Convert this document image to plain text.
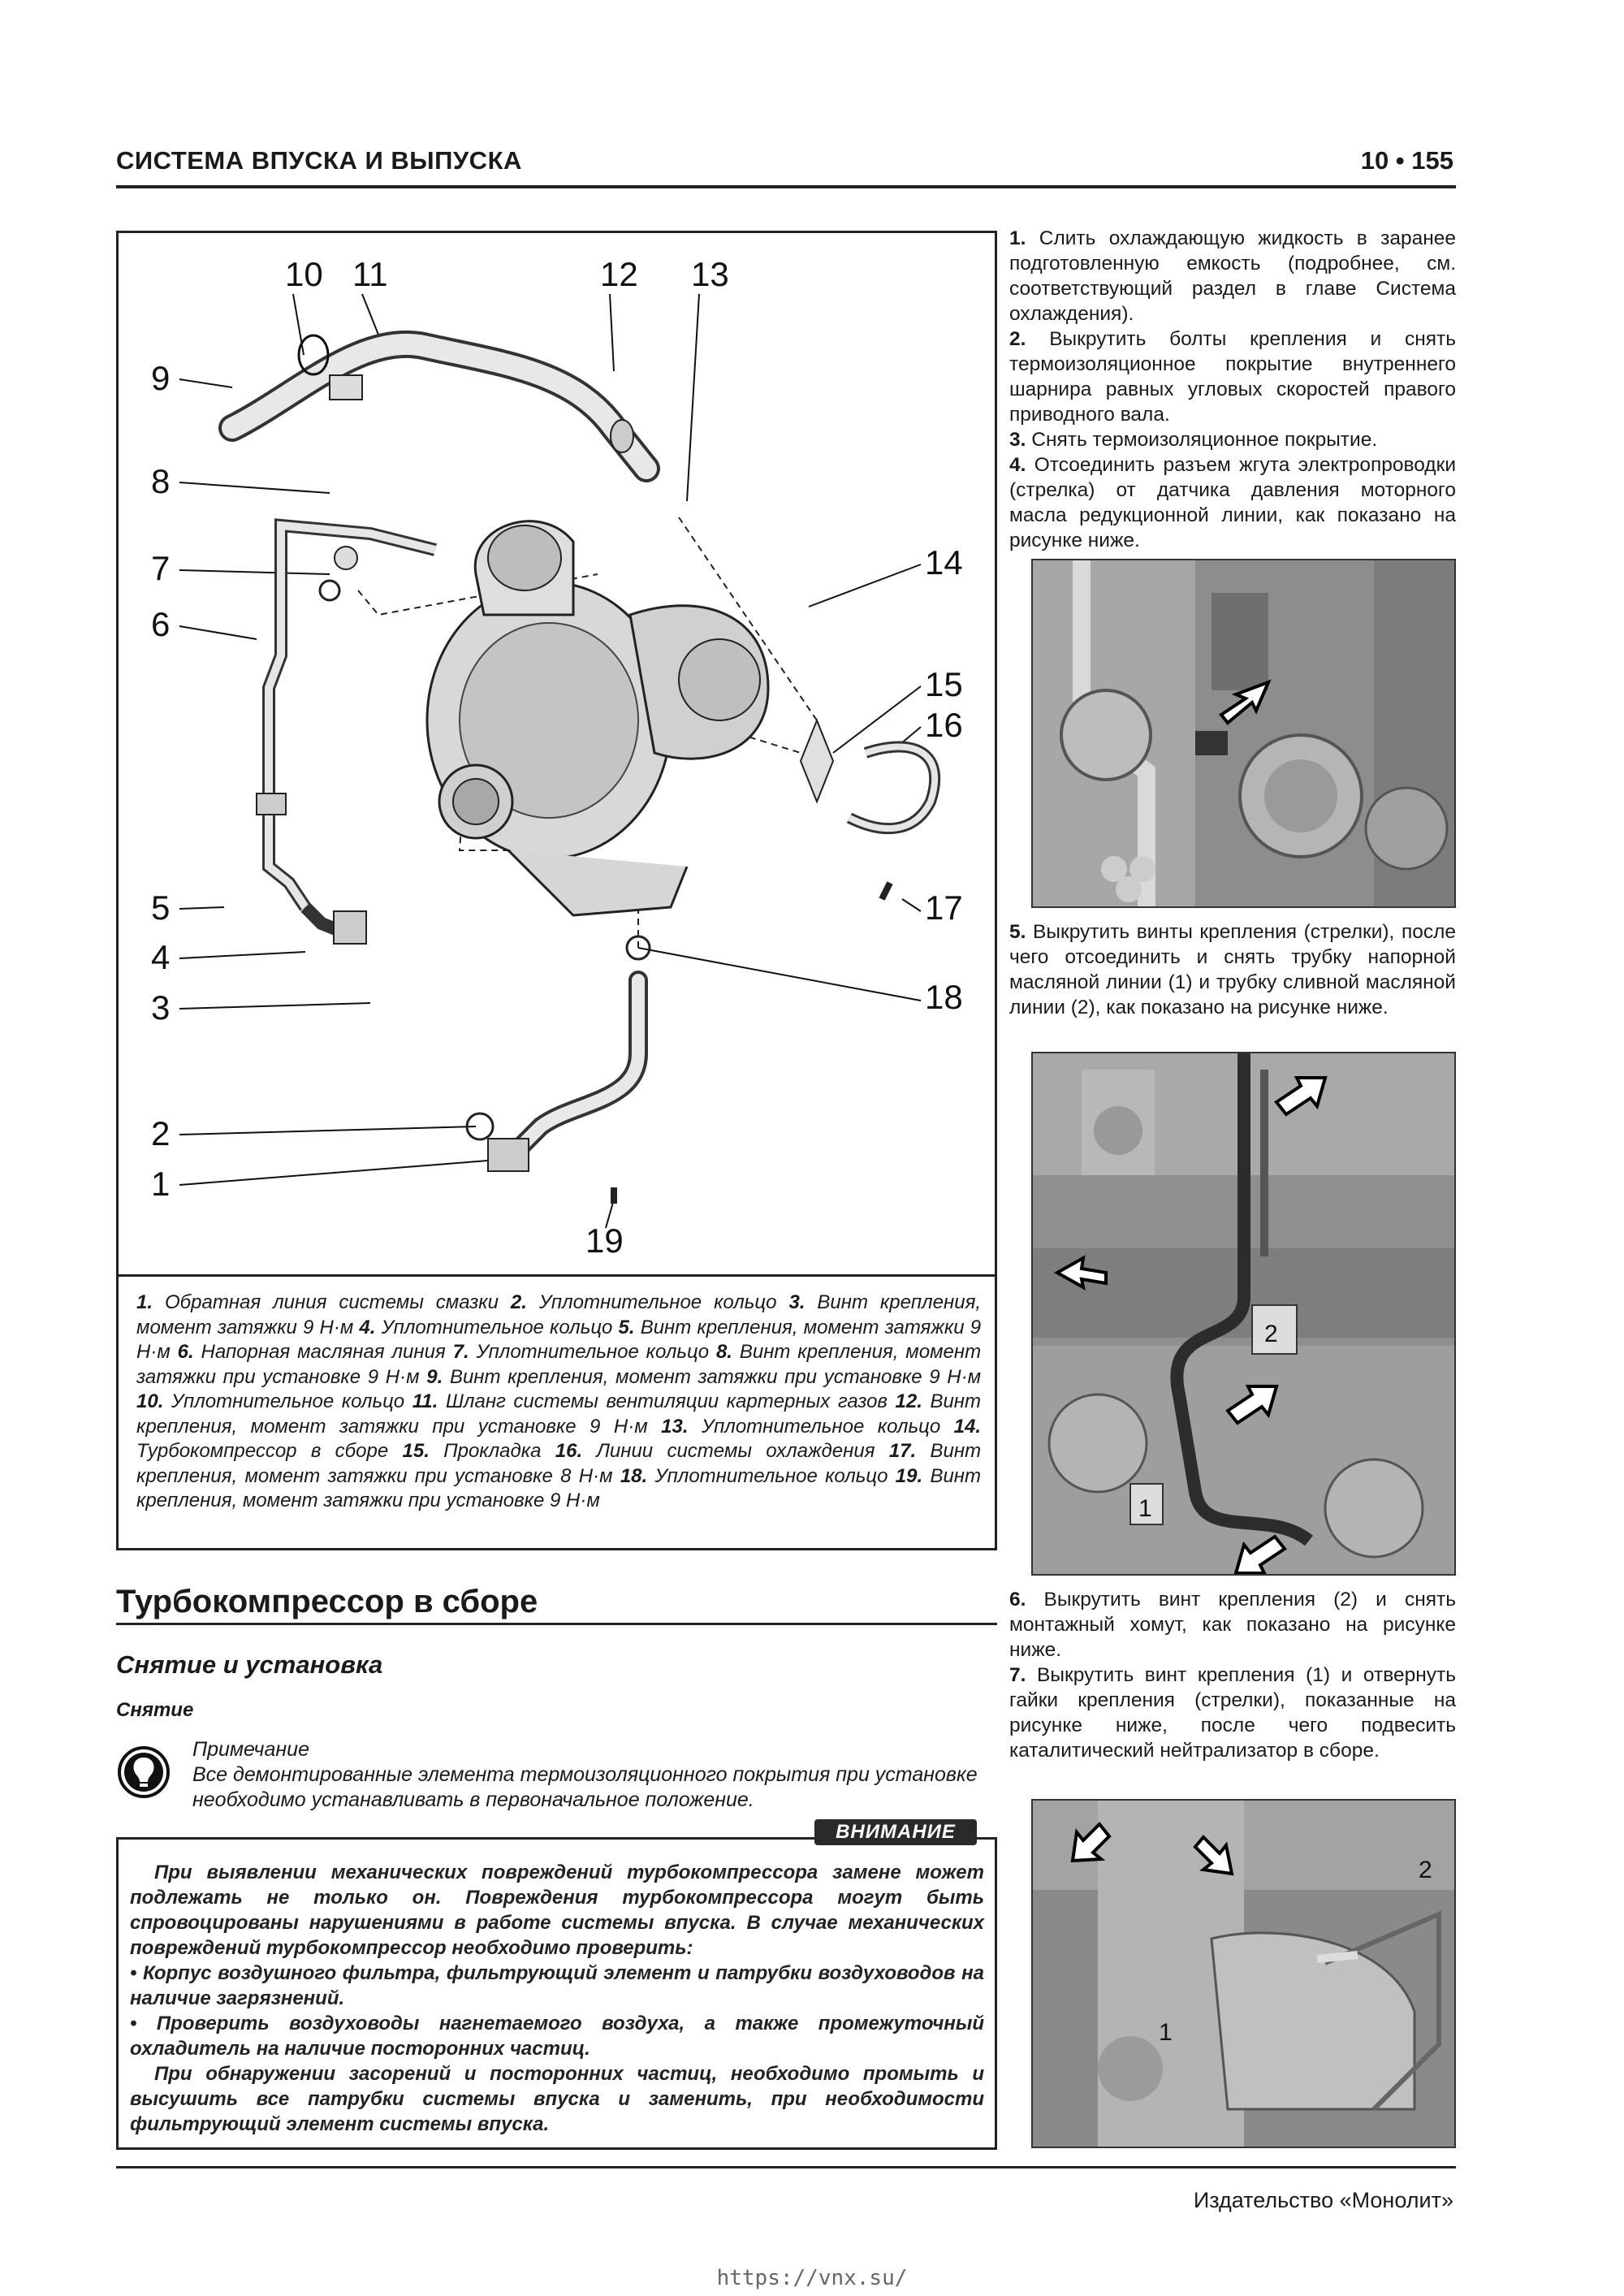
СИСТЕМА ВПУСКА И ВЫПУСКА	10 • 155
10 11	12 13
9
8
7
6
14
15
16
5	17
4
3	18
2
1
19
1. Обратная линия системы смазки 2. Уплотнительное кольцо 3. Винт крепления, момент затяжки 9 Н·м 4. Уплотнительное кольцо 5. Винт крепления, момент затяжки 9 Н·м 6. Напорная масляная линия 7. Уплотнительное кольцо 8. Винт крепления, момент затяжки при установке 9 Н·м 9. Винт крепления, момент затяжки при установке 9 Н·м 10. Уплотнительное кольцо 11. Шланг системы вентиляции картерных газов 12. Винт крепления, момент затяжки при установке 9 Н·м 13. Уплотнительное кольцо 14. Турбокомпрессор в сборе 15. Прокладка 16. Линии системы охлаждения 17. Винт крепления, момент затяжки при установке 8 Н·м 18. Уплотнительное кольцо 19. Винт крепления, момент затяжки при установке 9 Н·м

1. Слить охлаждающую жидкость в заранее подготовленную емкость (подробнее, см. соответствующий раздел в главе Система охлаждения).

2. Выкрутить болты крепления и снять термоизоляционное покрытие внутреннего шарнира равных угловых скоростей правого приводного вала.

3. Снять термоизоляционное покрытие.

4. Отсоединить разъем жгута электропроводки (стрелка) от датчика давления моторного масла редукционной линии, как показано на рисунке ниже.

5. Выкрутить винты крепления (стрелки), после чего отсоединить и снять трубку напорной масляной линии (1) и трубку сливной масляной линии (2), как показано на рисунке ниже.

2
1

6. Выкрутить винт крепления (2) и снять монтажный хомут, как показано на рисунке ниже.

7. Выкрутить винт крепления (1) и отвернуть гайки крепления (стрелки), показанные на рисунке ниже, после чего подвесить каталитический нейтрализатор в сборе.

2
1
Турбокомпрессор в сборе
Снятие и установка
Снятие
Примечание
Все демонтированные элемента термоизоляционного покрытия при установке необходимо устанавливать в первоначальное положение.
ВНИМАНИЕ

При выявлении механических повреждений турбокомпрессора замене может подлежать не только он. Повреждения турбокомпрессора могут быть спровоцированы нарушениями в работе системы впуска. В случае механических повреждений турбокомпрессор необходимо проверить:

• Корпус воздушного фильтра, фильтрующий элемент и патрубки воздуховодов на наличие загрязнений.

• Проверить воздуховоды нагнетаемого воздуха, а также промежуточный охладитель на наличие посторонних частиц.

При обнаружении засорений и посторонних частиц, необходимо промыть и высушить все патрубки системы впуска и заменить, при необходимости фильтрующий элемент системы впуска.

Издательство «Монолит»
https://vnx.su/
